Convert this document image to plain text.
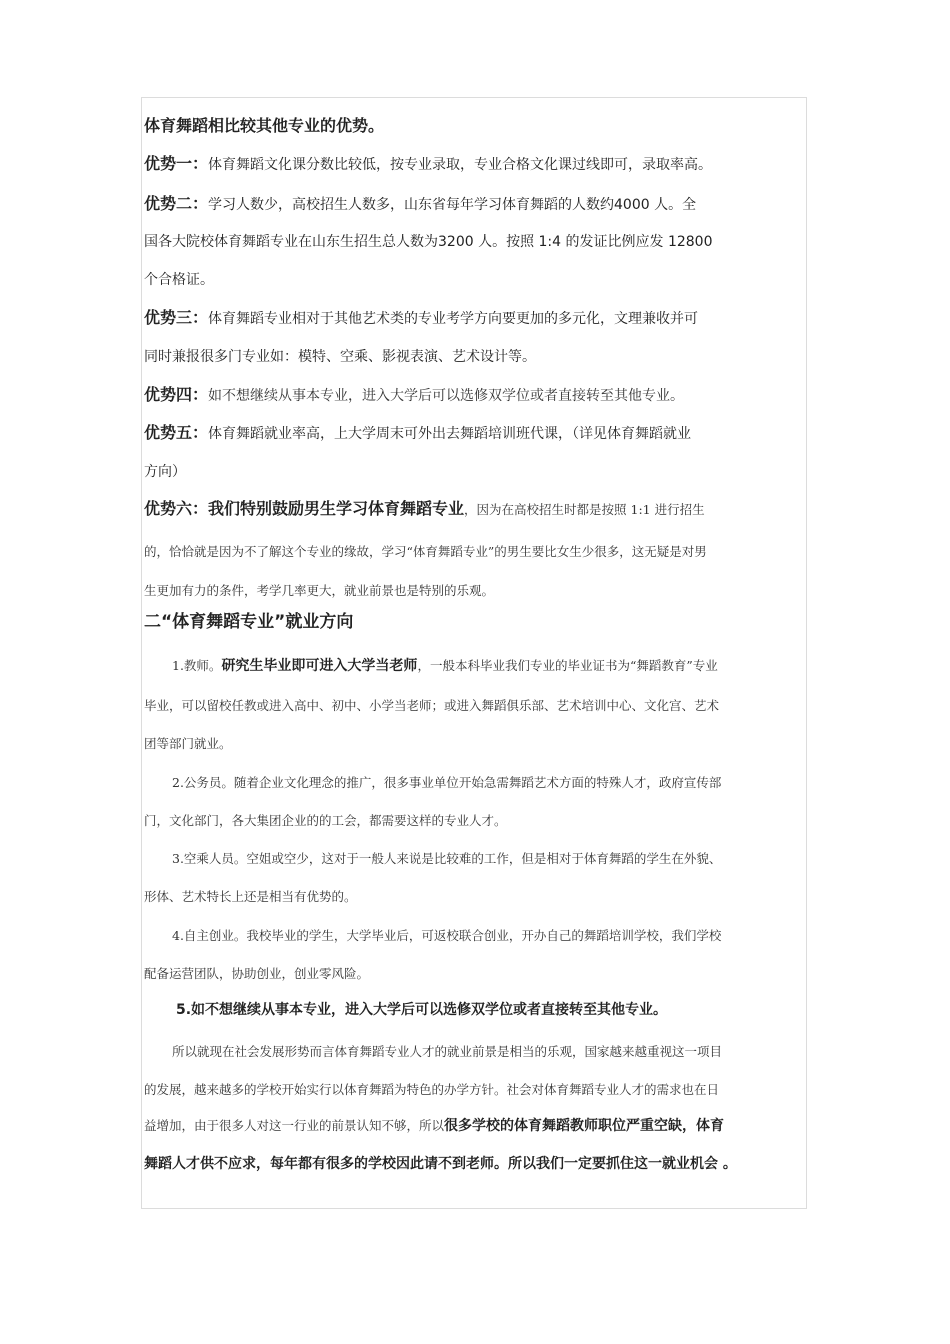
体育舞蹈相比较其他专业的优势。
优势一：体育舞蹈文化课分数比较低，按专业录取，专业合格文化课过线即可，录取率高。
优势二：学习人数少，高校招生人数多，山东省每年学习体育舞蹈的人数约4000 人。全
国各大院校体育舞蹈专业在山东生招生总人数为3200 人。按照 1:4 的发证比例应发 12800
个合格证。
优势三：体育舞蹈专业相对于其他艺术类的专业考学方向要更加的多元化，文理兼收并可
同时兼报很多门专业如：模特、空乘、影视表演、艺术设计等。
优势四：如不想继续从事本专业，进入大学后可以选修双学位或者直接转至其他专业。
优势五：体育舞蹈就业率高，上大学周末可外出去舞蹈培训班代课，（详见体育舞蹈就业
方向）
优势六：我们特别鼓励男生学习体育舞蹈专业，因为在高校招生时都是按照 1:1 进行招生
的，恰恰就是因为不了解这个专业的缘故，学习“体育舞蹈专业”的男生要比女生少很多，这无疑是对男
生更加有力的条件，考学几率更大，就业前景也是特别的乐观。
二“体育舞蹈专业”就业方向
1.教师。研究生毕业即可进入大学当老师，一般本科毕业我们专业的毕业证书为“舞蹈教育”专业
毕业，可以留校任教或进入高中、初中、小学当老师；或进入舞蹈俱乐部、艺术培训中心、文化宫、艺术
团等部门就业。
2.公务员。随着企业文化理念的推广，很多事业单位开始急需舞蹈艺术方面的特殊人才，政府宣传部
门，文化部门，各大集团企业的的工会，都需要这样的专业人才。
3.空乘人员。空姐或空少，这对于一般人来说是比较难的工作，但是相对于体育舞蹈的学生在外貌、
形体、艺术特长上还是相当有优势的。
4.自主创业。我校毕业的学生，大学毕业后，可返校联合创业，开办自己的舞蹈培训学校，我们学校
配备运营团队，协助创业，创业零风险。
5.如不想继续从事本专业，进入大学后可以选修双学位或者直接转至其他专业。
所以就现在社会发展形势而言体育舞蹈专业人才的就业前景是相当的乐观，国家越来越重视这一项目
的发展，越来越多的学校开始实行以体育舞蹈为特色的办学方针。社会对体育舞蹈专业人才的需求也在日
益增加，由于很多人对这一行业的前景认知不够，所以很多学校的体育舞蹈教师职位严重空缺，体育
舞蹈人才供不应求，每年都有很多的学校因此请不到老师。所以我们一定要抓住这一就业机会 。
